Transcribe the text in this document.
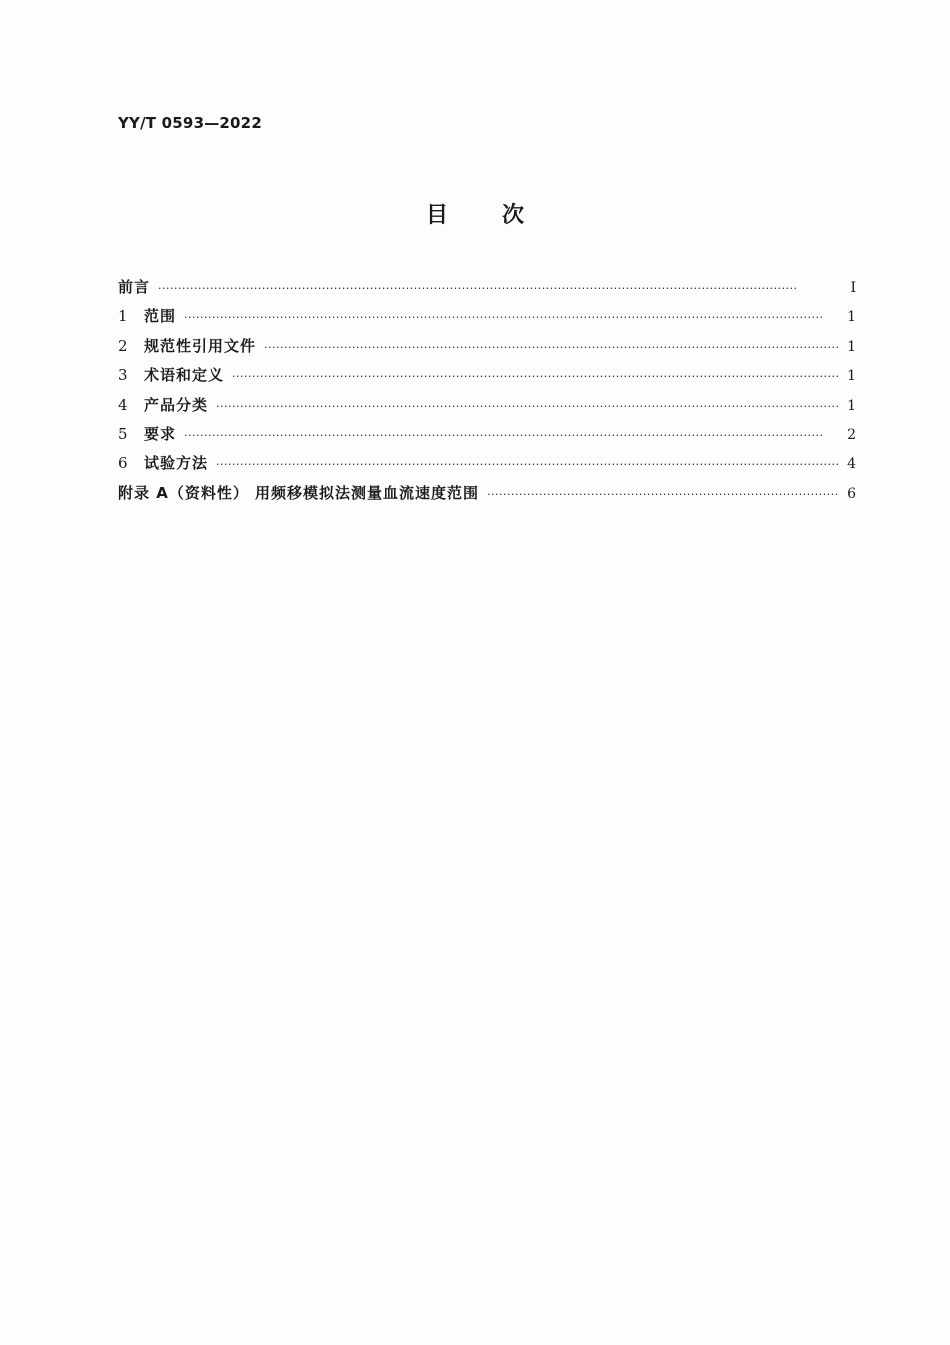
YY/T 0593—2022
目 次
前言 ·····	Ⅰ
1	范围 ·····	1
2	规范性引用文件 ·····	1
3	术语和定义 ·····	1
4	产品分类 ·····	1
5	要求 ·····	2
6	试验方法 ·····	4
附录 A（资料性） 用频移模拟法测量血流速度范围 ·····	6
